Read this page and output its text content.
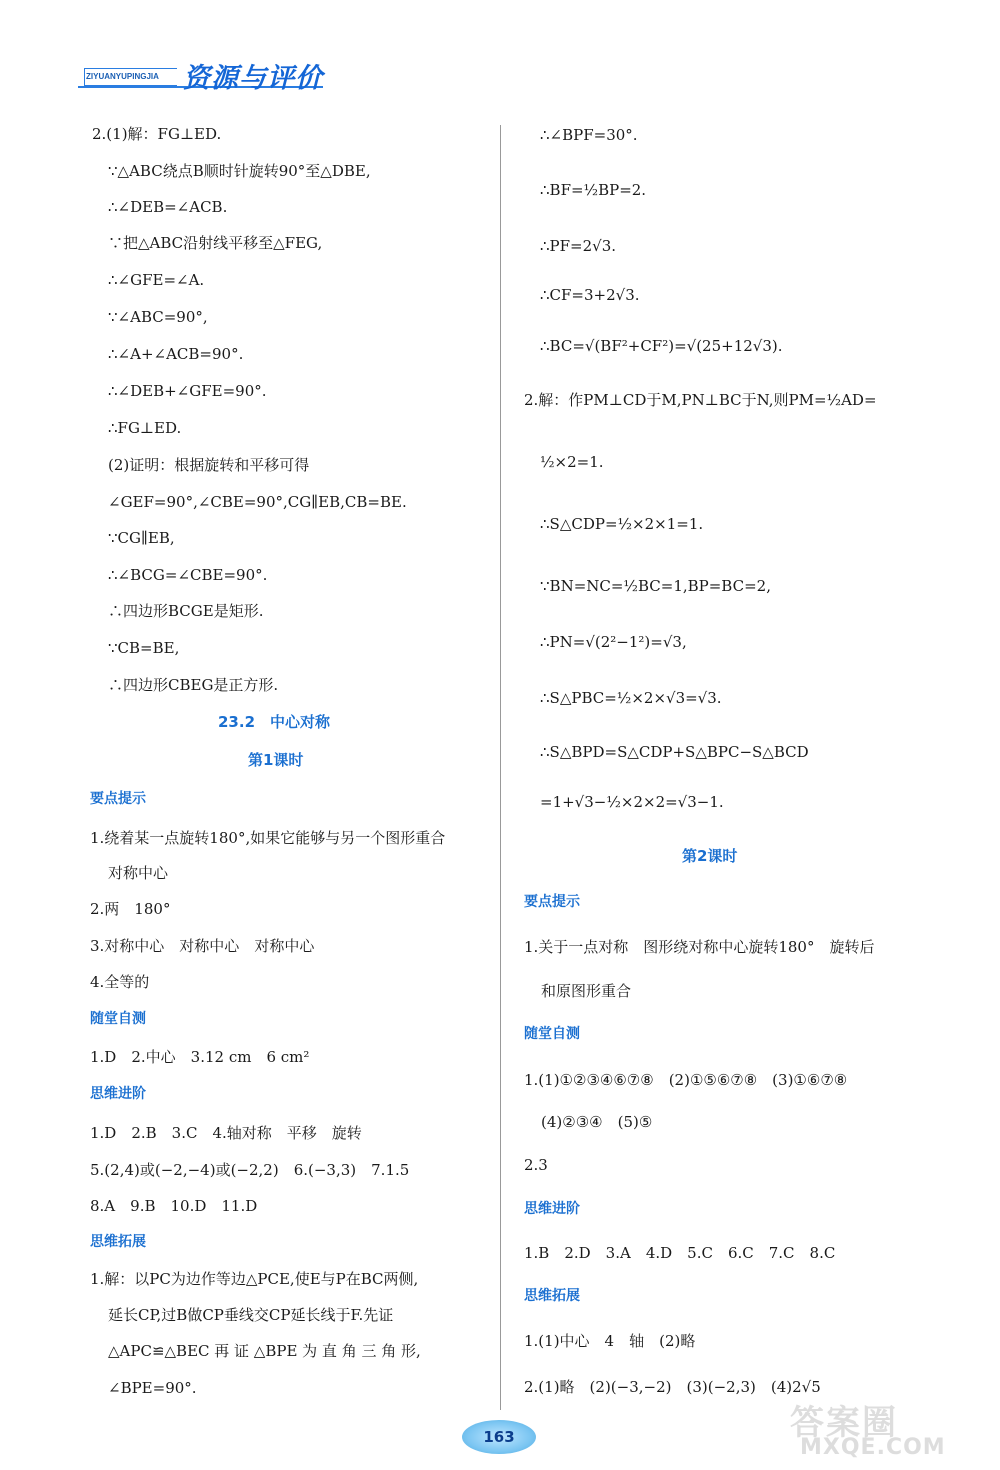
ZIYUANYUPINGJIA 资源与评价
2.(1)解：FG⊥ED.
∵△ABC绕点B顺时针旋转90°至△DBE,
∴∠DEB=∠ACB.
∵把△ABC沿射线平移至△FEG,
∴∠GFE=∠A.
∵∠ABC=90°,
∴∠A+∠ACB=90°.
∴∠DEB+∠GFE=90°.
∴FG⊥ED.
(2)证明：根据旋转和平移可得
∠GEF=90°,∠CBE=90°,CG∥EB,CB=BE.
∵CG∥EB,
∴∠BCG=∠CBE=90°.
∴四边形BCGE是矩形.
∵CB=BE,
∴四边形CBEG是正方形.
23.2　中心对称
第1课时
要点提示
1.绕着某一点旋转180°,如果它能够与另一个图形重合
对称中心
2.两　180°
3.对称中心　对称中心　对称中心
4.全等的
随堂自测
1.D　2.中心　3.12 cm　6 cm²
思维进阶
1.D　2.B　3.C　4.轴对称　平移　旋转
5.(2,4)或(−2,−4)或(−2,2)　6.(−3,3)　7.1.5
8.A　9.B　10.D　11.D
思维拓展
1.解：以PC为边作等边△PCE,使E与P在BC两侧,
延长CP,过B做CP垂线交CP延长线于F.先证
△APC≌△BEC 再 证 △BPE 为 直 角 三 角 形,
∠BPE=90°.
∴∠BPF=30°.
∴BF=½BP=2.
∴PF=2√3.
∴CF=3+2√3.
∴BC=√(BF²+CF²)=√(25+12√3).
2.解：作PM⊥CD于M,PN⊥BC于N,则PM=½AD=
½×2=1.
∴S△CDP=½×2×1=1.
∵BN=NC=½BC=1,BP=BC=2,
∴PN=√(2²−1²)=√3,
∴S△PBC=½×2×√3=√3.
∴S△BPD=S△CDP+S△BPC−S△BCD
=1+√3−½×2×2=√3−1.
第2课时
要点提示
1.关于一点对称　图形绕对称中心旋转180°　旋转后
和原图形重合
随堂自测
1.(1)①②③④⑥⑦⑧　(2)①⑤⑥⑦⑧　(3)①⑥⑦⑧
(4)②③④　(5)⑤
2.3
思维进阶
1.B　2.D　3.A　4.D　5.C　6.C　7.C　8.C
思维拓展
1.(1)中心　4　轴　(2)略
2.(1)略　(2)(−3,−2)　(3)(−2,3)　(4)2√5
163	答案圈
MXQE.COM
